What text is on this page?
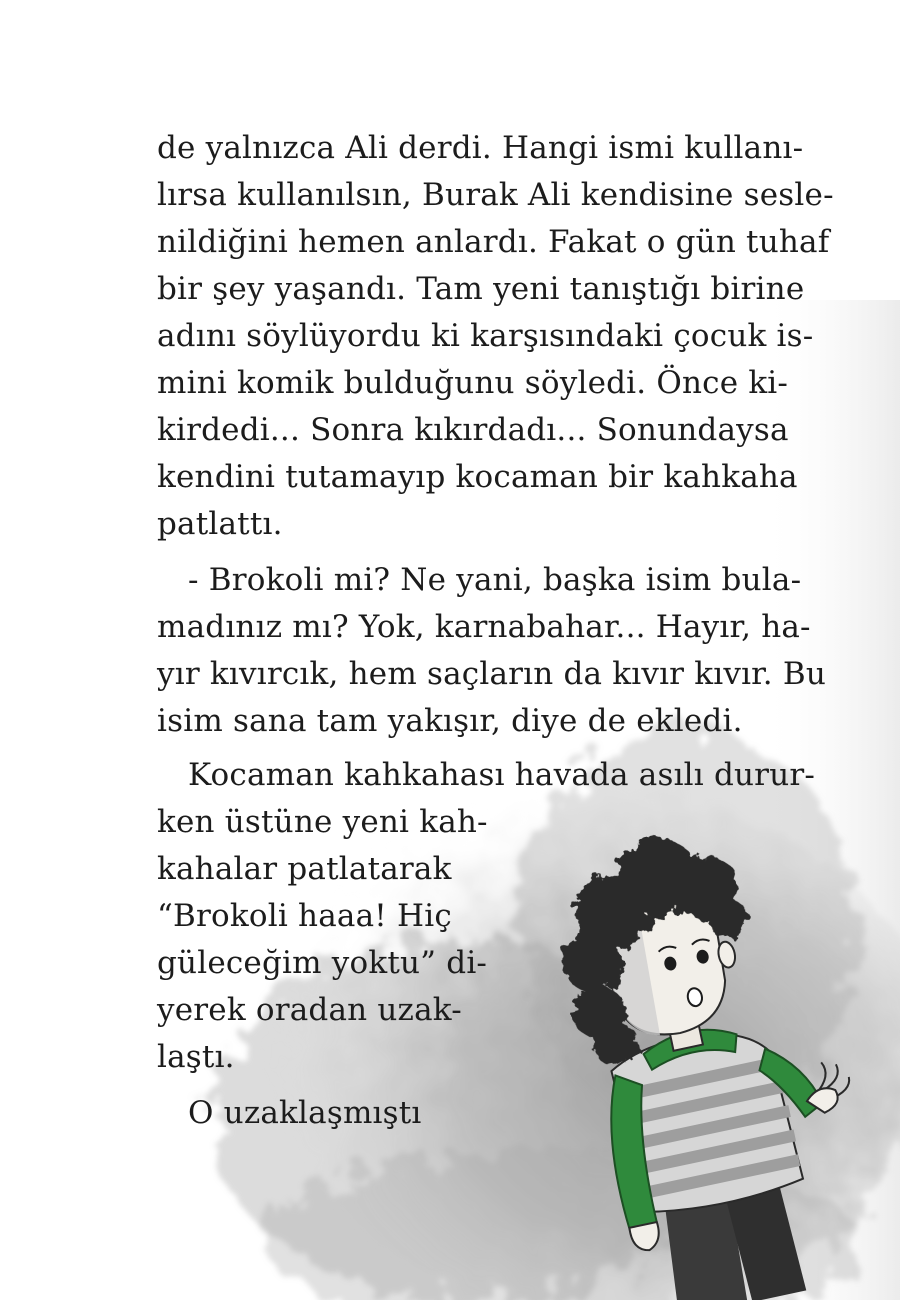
de yalnızca Ali derdi. Hangi ismi kullanı-
lırsa kullanılsın, Burak Ali kendisine sesle-
nildiğini hemen anlardı. Fakat o gün tuhaf
bir şey yaşandı. Tam yeni tanıştığı birine
adını söylüyordu ki karşısındaki çocuk is-
mini komik bulduğunu söyledi. Önce ki-
kirdedi... Sonra kıkırdadı... Sonundaysa
kendini tutamayıp kocaman bir kahkaha
patlattı.
- Brokoli mi? Ne yani, başka isim bula-
madınız mı? Yok, karnabahar... Hayır, ha-
yır kıvırcık, hem saçların da kıvır kıvır. Bu
isim sana tam yakışır, diye de ekledi.
Kocaman kahkahası havada asılı durur-
ken üstüne yeni kah-
kahalar patlatarak
“Brokoli haaa! Hiç
güleceğim yoktu” di-
yerek oradan uzak-
laştı.
O uzaklaşmıştı
